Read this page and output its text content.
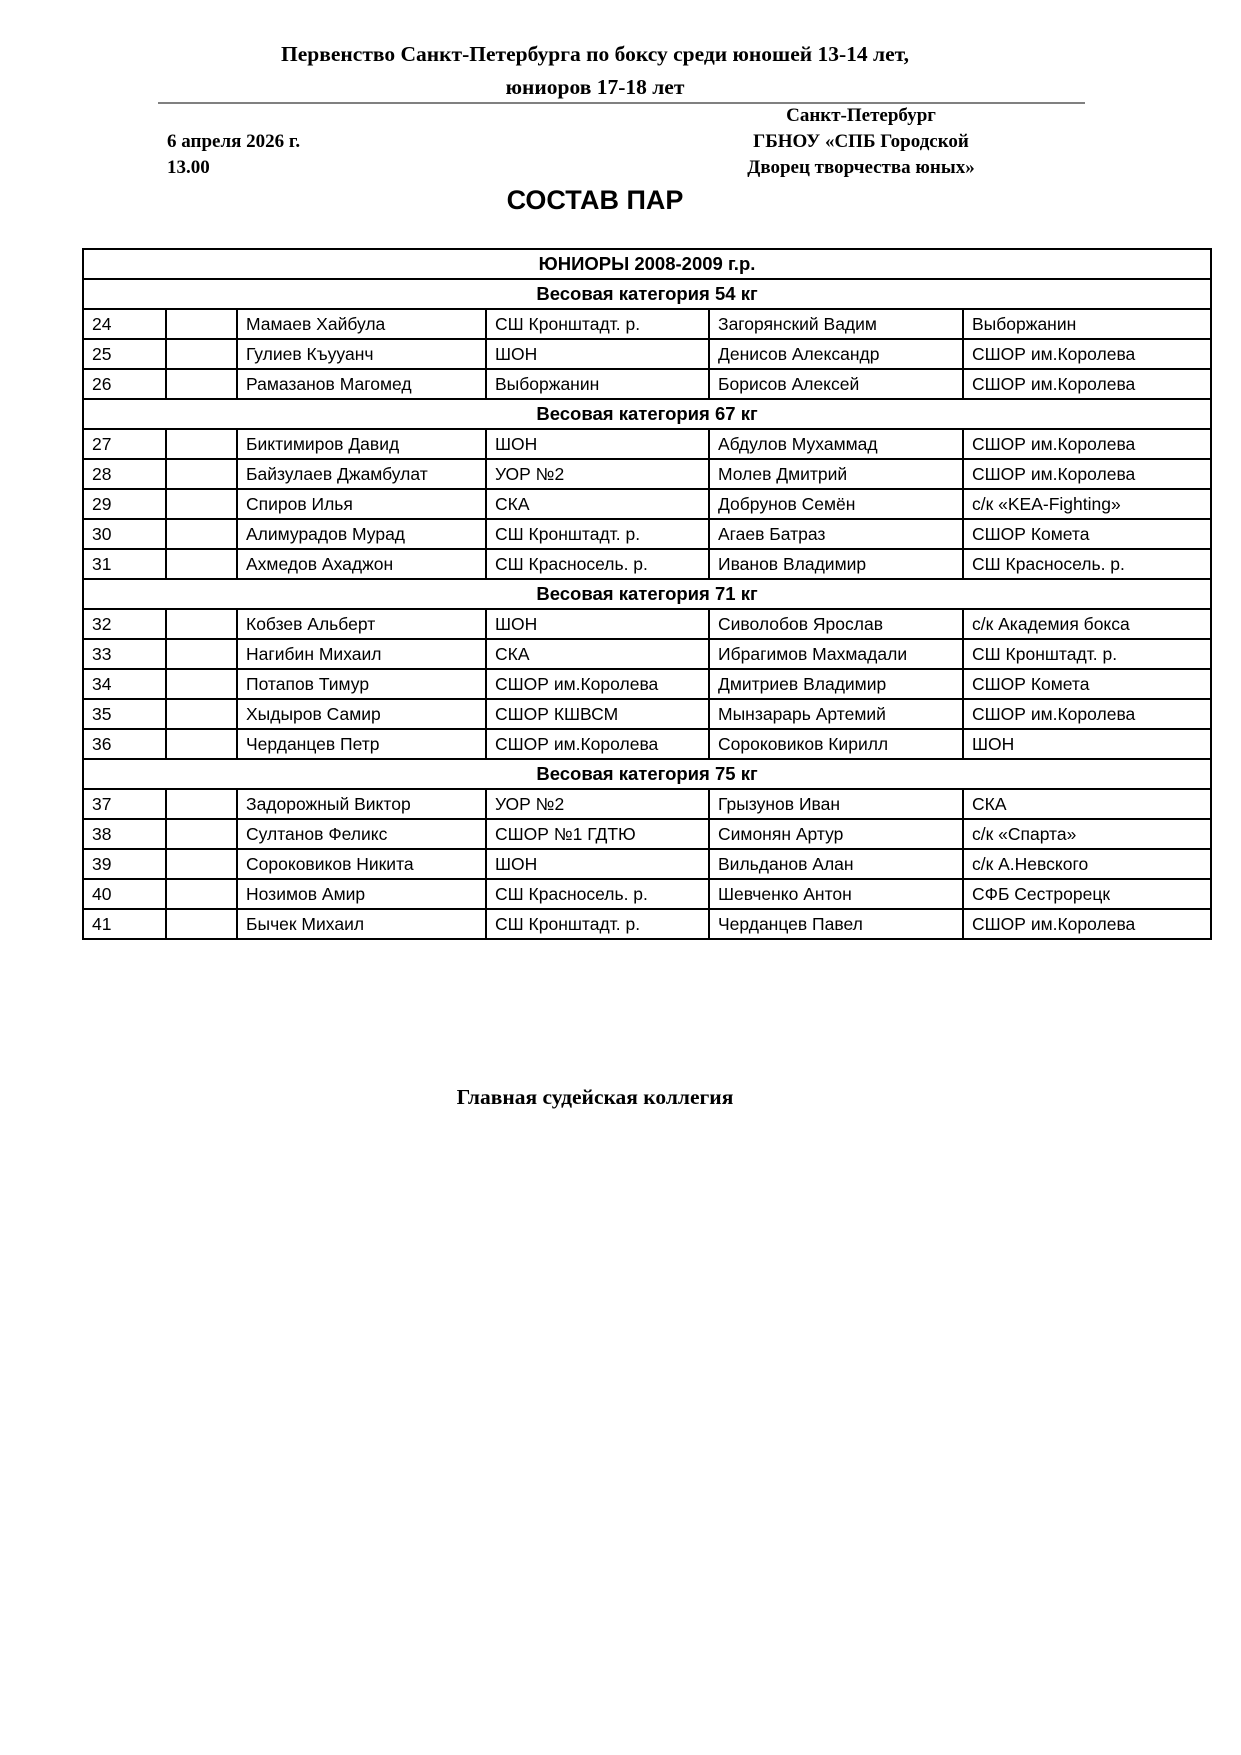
Первенство Санкт-Петербурга по боксу среди юношей 13-14 лет,
юниоров 17-18 лет
Санкт-Петербург
ГБНОУ «СПБ Городской
Дворец творчества юных»
6 апреля 2026 г.
13.00
СОСТАВ ПАР
ЮНИОРЫ 2008-2009 г.р.					
Весовая категория 54 кг					
24		Мамаев Хайбула	СШ Кронштадт. р.	Загорянский Вадим	Выборжанин
25		Гулиев Къууанч	ШОН	Денисов Александр	СШОР им.Королева
26		Рамазанов Магомед	Выборжанин	Борисов Алексей	СШОР им.Королева
Весовая категория 67 кг					
27		Биктимиров Давид	ШОН	Абдулов Мухаммад	СШОР им.Королева
28		Байзулаев Джамбулат	УОР №2	Молев Дмитрий	СШОР им.Королева
29		Спиров Илья	СКА	Добрунов Семён	с/к «KEA-Fighting»
30		Алимурадов Мурад	СШ Кронштадт. р.	Агаев Батраз	СШОР Комета
31		Ахмедов Ахаджон	СШ Красносель. р.	Иванов Владимир	СШ Красносель. р.
Весовая категория 71 кг					
32		Кобзев Альберт	ШОН	Сиволобов Ярослав	с/к Академия бокса
33		Нагибин Михаил	СКА	Ибрагимов Махмадали	СШ Кронштадт. р.
34		Потапов Тимур	СШОР им.Королева	Дмитриев Владимир	СШОР Комета
35		Хыдыров Самир	СШОР КШВСМ	Мынзарарь Артемий	СШОР им.Королева
36		Черданцев Петр	СШОР им.Королева	Сороковиков Кирилл	ШОН
Весовая категория 75 кг					
37		Задорожный Виктор	УОР №2	Грызунов Иван	СКА
38		Султанов Феликс	СШОР №1 ГДТЮ	Симонян Артур	с/к «Спарта»
39		Сороковиков Никита	ШОН	Вильданов Алан	с/к А.Невского
40		Нозимов Амир	СШ Красносель. р.	Шевченко Антон	СФБ Сестрорецк
41		Бычек Михаил	СШ Кронштадт. р.	Черданцев Павел	СШОР им.Королева
Главная судейская коллегия
